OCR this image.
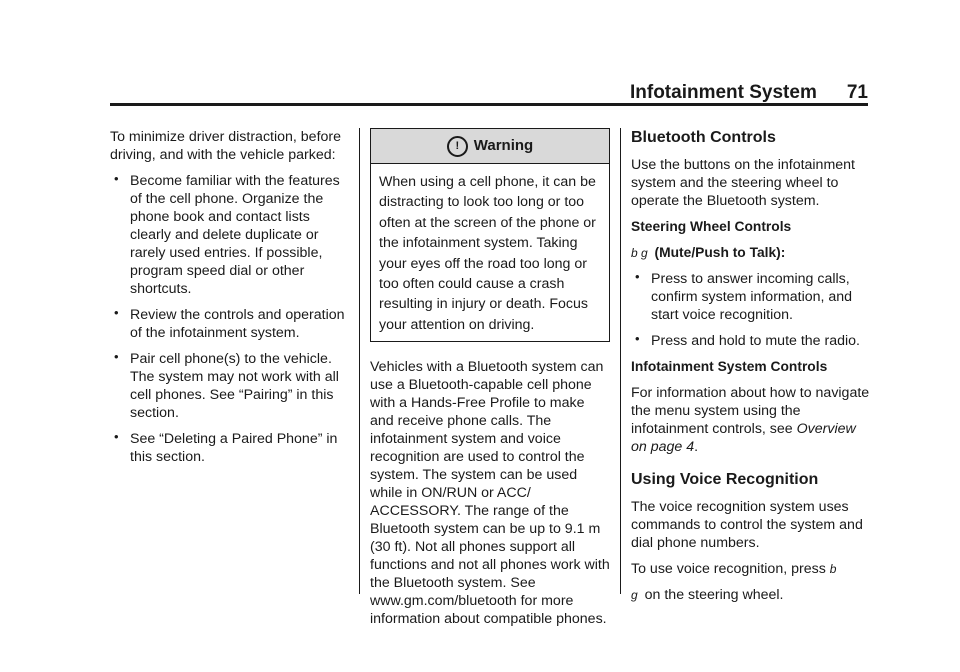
Infotainment System 71

To minimize driver distraction, before driving, and with the vehicle parked:

• Become familiar with the features of the cell phone. Organize the phone book and contact lists clearly and delete duplicate or rarely used entries. If possible, program speed dial or other shortcuts.
• Review the controls and operation of the infotainment system.
• Pair cell phone(s) to the vehicle. The system may not work with all cell phones. See “Pairing” in this section.
• See “Deleting a Paired Phone” in this section.
! Warning
When using a cell phone, it can be distracting to look too long or too often at the screen of the phone or the infotainment system. Taking your eyes off the road too long or too often could cause a crash resulting in injury or death. Focus your attention on driving.

Vehicles with a Bluetooth system can use a Bluetooth-capable cell phone with a Hands-Free Profile to make and receive phone calls. The infotainment system and voice recognition are used to control the system. The system can be used while in ON/RUN or ACC/ ACCESSORY. The range of the Bluetooth system can be up to 9.1 m (30 ft). Not all phones support all functions and not all phones work with the Bluetooth system. See www.gm.com/bluetooth for more information about compatible phones.

Bluetooth Controls

Use the buttons on the infotainment system and the steering wheel to operate the Bluetooth system.

Steering Wheel Controls

b g (Mute/Push to Talk):

• Press to answer incoming calls, confirm system information, and start voice recognition.
• Press and hold to mute the radio.

Infotainment System Controls

For information about how to navigate the menu system using the infotainment controls, see Overview on page 4.

Using Voice Recognition

The voice recognition system uses commands to control the system and dial phone numbers.

To use voice recognition, press b

g on the steering wheel.
